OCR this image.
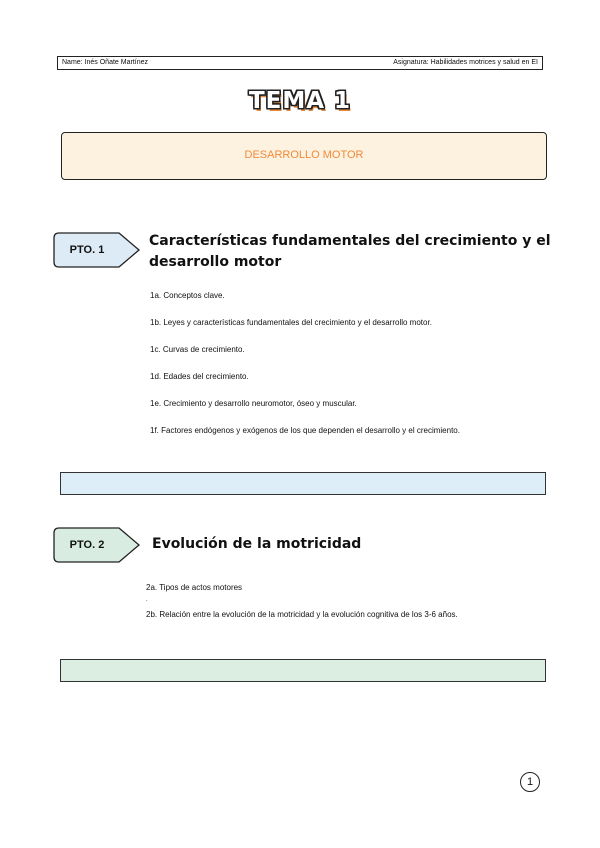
Name: Inés Oñate Martínez	Asignatura: Habilidades motrices y salud en EI
TEMA 1
DESARROLLO MOTOR
PTO. 1
Características fundamentales del crecimiento y el
desarrollo motor
1a. Conceptos clave.
1b. Leyes y características fundamentales del crecimiento y el desarrollo motor.
1c. Curvas de crecimiento.
1d. Edades del crecimiento.
1e. Crecimiento y desarrollo neuromotor, óseo y muscular.
1f. Factores endógenos y exógenos de los que dependen el desarrollo y el crecimiento.
PTO. 2	Evolución de la motricidad
2a. Tipos de actos motores
.
2b. Relación entre la evolución de la motricidad y la evolución cognitiva de los 3-6 años.
1
